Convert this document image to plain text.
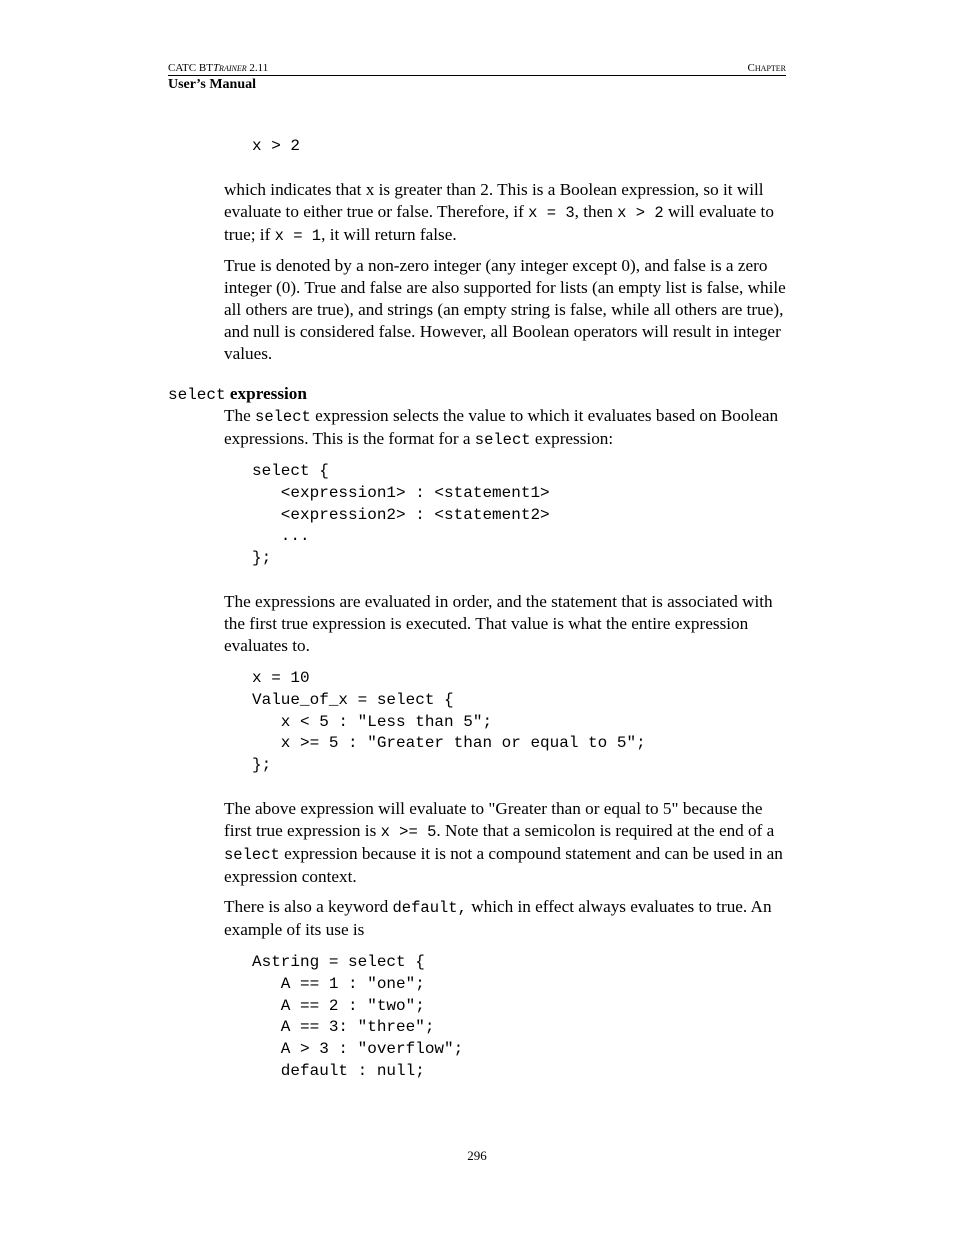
CATC BTTrainer 2.11	Chapter
User’s Manual
x > 2

which indicates that x is greater than 2. This is a Boolean expression, so it will evaluate to either true or false. Therefore, if x = 3, then x > 2 will evaluate to true; if x = 1, it will return false.

True is denoted by a non-zero integer (any integer except 0), and false is a zero integer (0). True and false are also supported for lists (an empty list is false, while all others are true), and strings (an empty string is false, while all others are true), and null is considered false. However, all Boolean operators will result in integer values.

select expression

The select expression selects the value to which it evaluates based on Boolean expressions. This is the format for a select expression:

select {
<expression1> : <statement1>
<expression2> : <statement2>
...
};

The expressions are evaluated in order, and the statement that is associated with the first true expression is executed. That value is what the entire expression evaluates to.

x = 10
Value_of_x = select {
x < 5 : "Less than 5";
x >= 5 : "Greater than or equal to 5";
};

The above expression will evaluate to "Greater than or equal to 5" because the first true expression is x >= 5. Note that a semicolon is required at the end of a select expression because it is not a compound statement and can be used in an expression context.

There is also a keyword default, which in effect always evaluates to true. An example of its use is

Astring = select {
A == 1 : "one";
A == 2 : "two";
A == 3: "three";
A > 3 : "overflow";
default : null;
296
